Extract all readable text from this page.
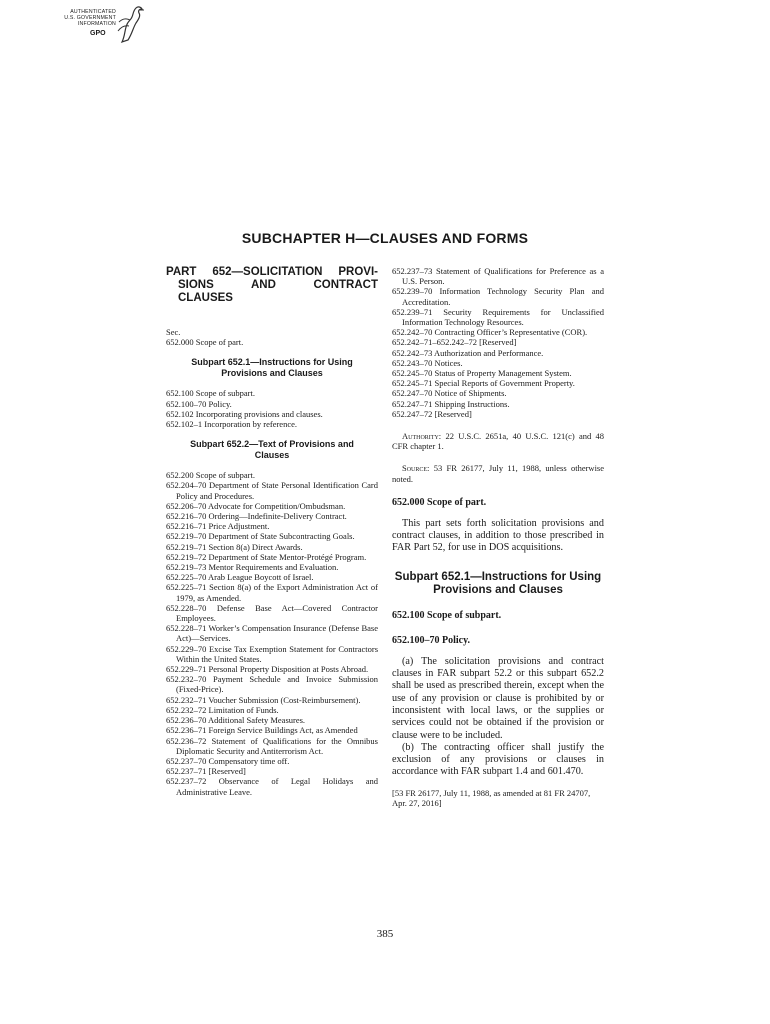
AUTHENTICATED
U.S. GOVERNMENT
INFORMATION
GPO
SUBCHAPTER H—CLAUSES AND FORMS
PART 652—SOLICITATION PROVI-
SIONS AND CONTRACT
CLAUSES

Sec.

652.000 Scope of part.

Subpart 652.1—Instructions for Using Provisions and Clauses

652.100 Scope of subpart.

652.100–70 Policy.

652.102 Incorporating provisions and clauses.

652.102–1 Incorporation by reference.

Subpart 652.2—Text of Provisions and Clauses

652.200 Scope of subpart.

652.204–70 Department of State Personal Identification Card Policy and Procedures.

652.206–70 Advocate for Competition/Ombudsman.

652.216–70 Ordering—Indefinite-Delivery Contract.

652.216–71 Price Adjustment.

652.219–70 Department of State Subcontracting Goals.

652.219–71 Section 8(a) Direct Awards.

652.219–72 Department of State Mentor-Protégé Program.

652.219–73 Mentor Requirements and Evaluation.

652.225–70 Arab League Boycott of Israel.

652.225–71 Section 8(a) of the Export Administration Act of 1979, as Amended.

652.228–70 Defense Base Act—Covered Contractor Employees.

652.228–71 Worker’s Compensation Insurance (Defense Base Act)—Services.

652.229–70 Excise Tax Exemption Statement for Contractors Within the United States.

652.229–71 Personal Property Disposition at Posts Abroad.

652.232–70 Payment Schedule and Invoice Submission (Fixed-Price).

652.232–71 Voucher Submission (Cost-Reimbursement).

652.232–72 Limitation of Funds.

652.236–70 Additional Safety Measures.

652.236–71 Foreign Service Buildings Act, as Amended

652.236–72 Statement of Qualifications for the Omnibus Diplomatic Security and Antiterrorism Act.

652.237–70 Compensatory time off.

652.237–71 [Reserved]

652.237–72 Observance of Legal Holidays and Administrative Leave.

652.237–73 Statement of Qualifications for Preference as a U.S. Person.

652.239–70 Information Technology Security Plan and Accreditation.

652.239–71 Security Requirements for Unclassified Information Technology Resources.

652.242–70 Contracting Officer’s Representative (COR).

652.242–71–652.242–72 [Reserved]

652.242–73 Authorization and Performance.

652.243–70 Notices.

652.245–70 Status of Property Management System.

652.245–71 Special Reports of Government Property.

652.247–70 Notice of Shipments.

652.247–71 Shipping Instructions.

652.247–72 [Reserved]

Authority: 22 U.S.C. 2651a, 40 U.S.C. 121(c) and 48 CFR chapter 1.

Source: 53 FR 26177, July 11, 1988, unless otherwise noted.

652.000 Scope of part.

This part sets forth solicitation provisions and contract clauses, in addition to those prescribed in FAR Part 52, for use in DOS acquisitions.

Subpart 652.1—Instructions for Using Provisions and Clauses
652.100 Scope of subpart.
652.100–70 Policy.

(a) The solicitation provisions and contract clauses in FAR subpart 52.2 or this subpart 652.2 shall be used as prescribed therein, except when the use of any provision or clause is prohibited by or inconsistent with local laws, or the supplies or services could not be obtained if the provision or clause were to be included.

(b) The contracting officer shall justify the exclusion of any provisions or clauses in accordance with FAR subpart 1.4 and 601.470.

[53 FR 26177, July 11, 1988, as amended at 81 FR 24707, Apr. 27, 2016]

385
